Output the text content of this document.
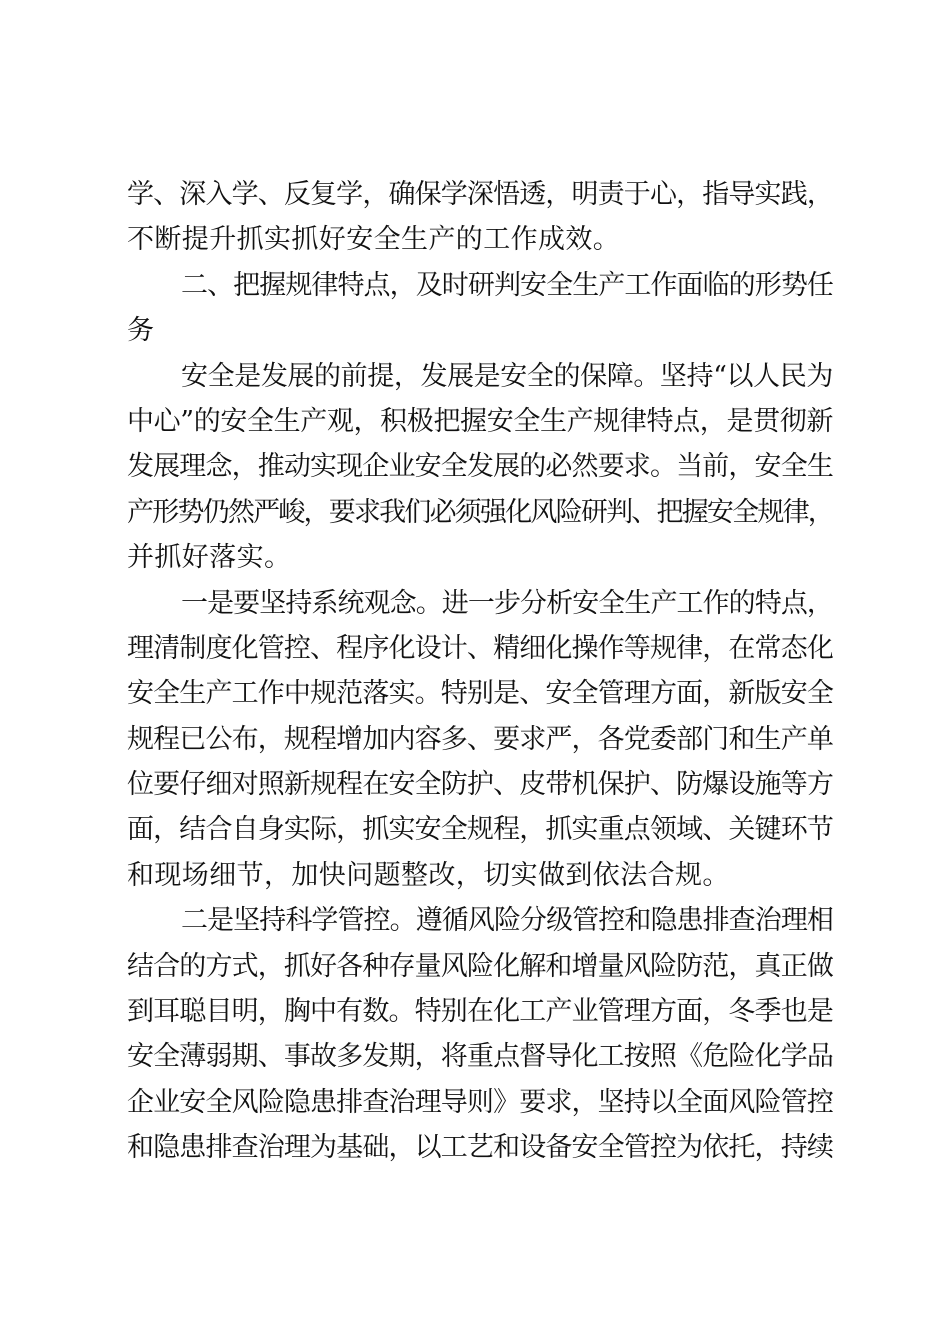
学、深入学、反复学，确保学深悟透，明责于心，指导实践，
不断提升抓实抓好安全生产的工作成效。
二、把握规律特点，及时研判安全生产工作面临的形势任
务
安全是发展的前提，发展是安全的保障。坚持“以人民为
中心”的安全生产观，积极把握安全生产规律特点，是贯彻新
发展理念，推动实现企业安全发展的必然要求。当前，安全生
产形势仍然严峻，要求我们必须强化风险研判、把握安全规律，
并抓好落实。
一是要坚持系统观念。进一步分析安全生产工作的特点，
理清制度化管控、程序化设计、精细化操作等规律，在常态化
安全生产工作中规范落实。特别是、安全管理方面，新版安全
规程已公布，规程增加内容多、要求严，各党委部门和生产单
位要仔细对照新规程在安全防护、皮带机保护、防爆设施等方
面，结合自身实际，抓实安全规程，抓实重点领域、关键环节
和现场细节，加快问题整改，切实做到依法合规。
二是坚持科学管控。遵循风险分级管控和隐患排查治理相
结合的方式，抓好各种存量风险化解和增量风险防范，真正做
到耳聪目明，胸中有数。特别在化工产业管理方面，冬季也是
安全薄弱期、事故多发期，将重点督导化工按照《危险化学品
企业安全风险隐患排查治理导则》要求，坚持以全面风险管控
和隐患排查治理为基础，以工艺和设备安全管控为依托，持续
